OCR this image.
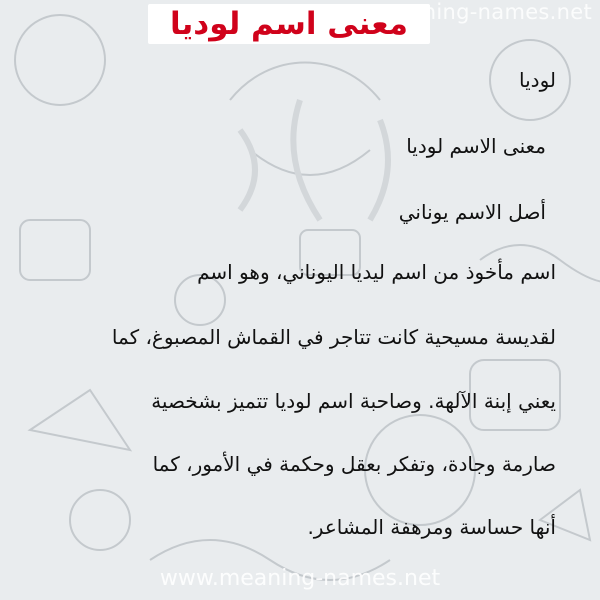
معنى اسم لوديا
meaning-names.net
لوديا
معنى الاسم لوديا
أصل الاسم يوناني
اسم مأخوذ من اسم ليديا اليوناني، وهو اسم
لقديسة مسيحية كانت تتاجر في القماش المصبوغ، كما
يعني إبنة الآلهة. وصاحبة اسم لوديا تتميز بشخصية
صارمة وجادة، وتفكر بعقل وحكمة في الأمور، كما
أنها حساسة ومرهفة المشاعر.
www.meaning-names.net
